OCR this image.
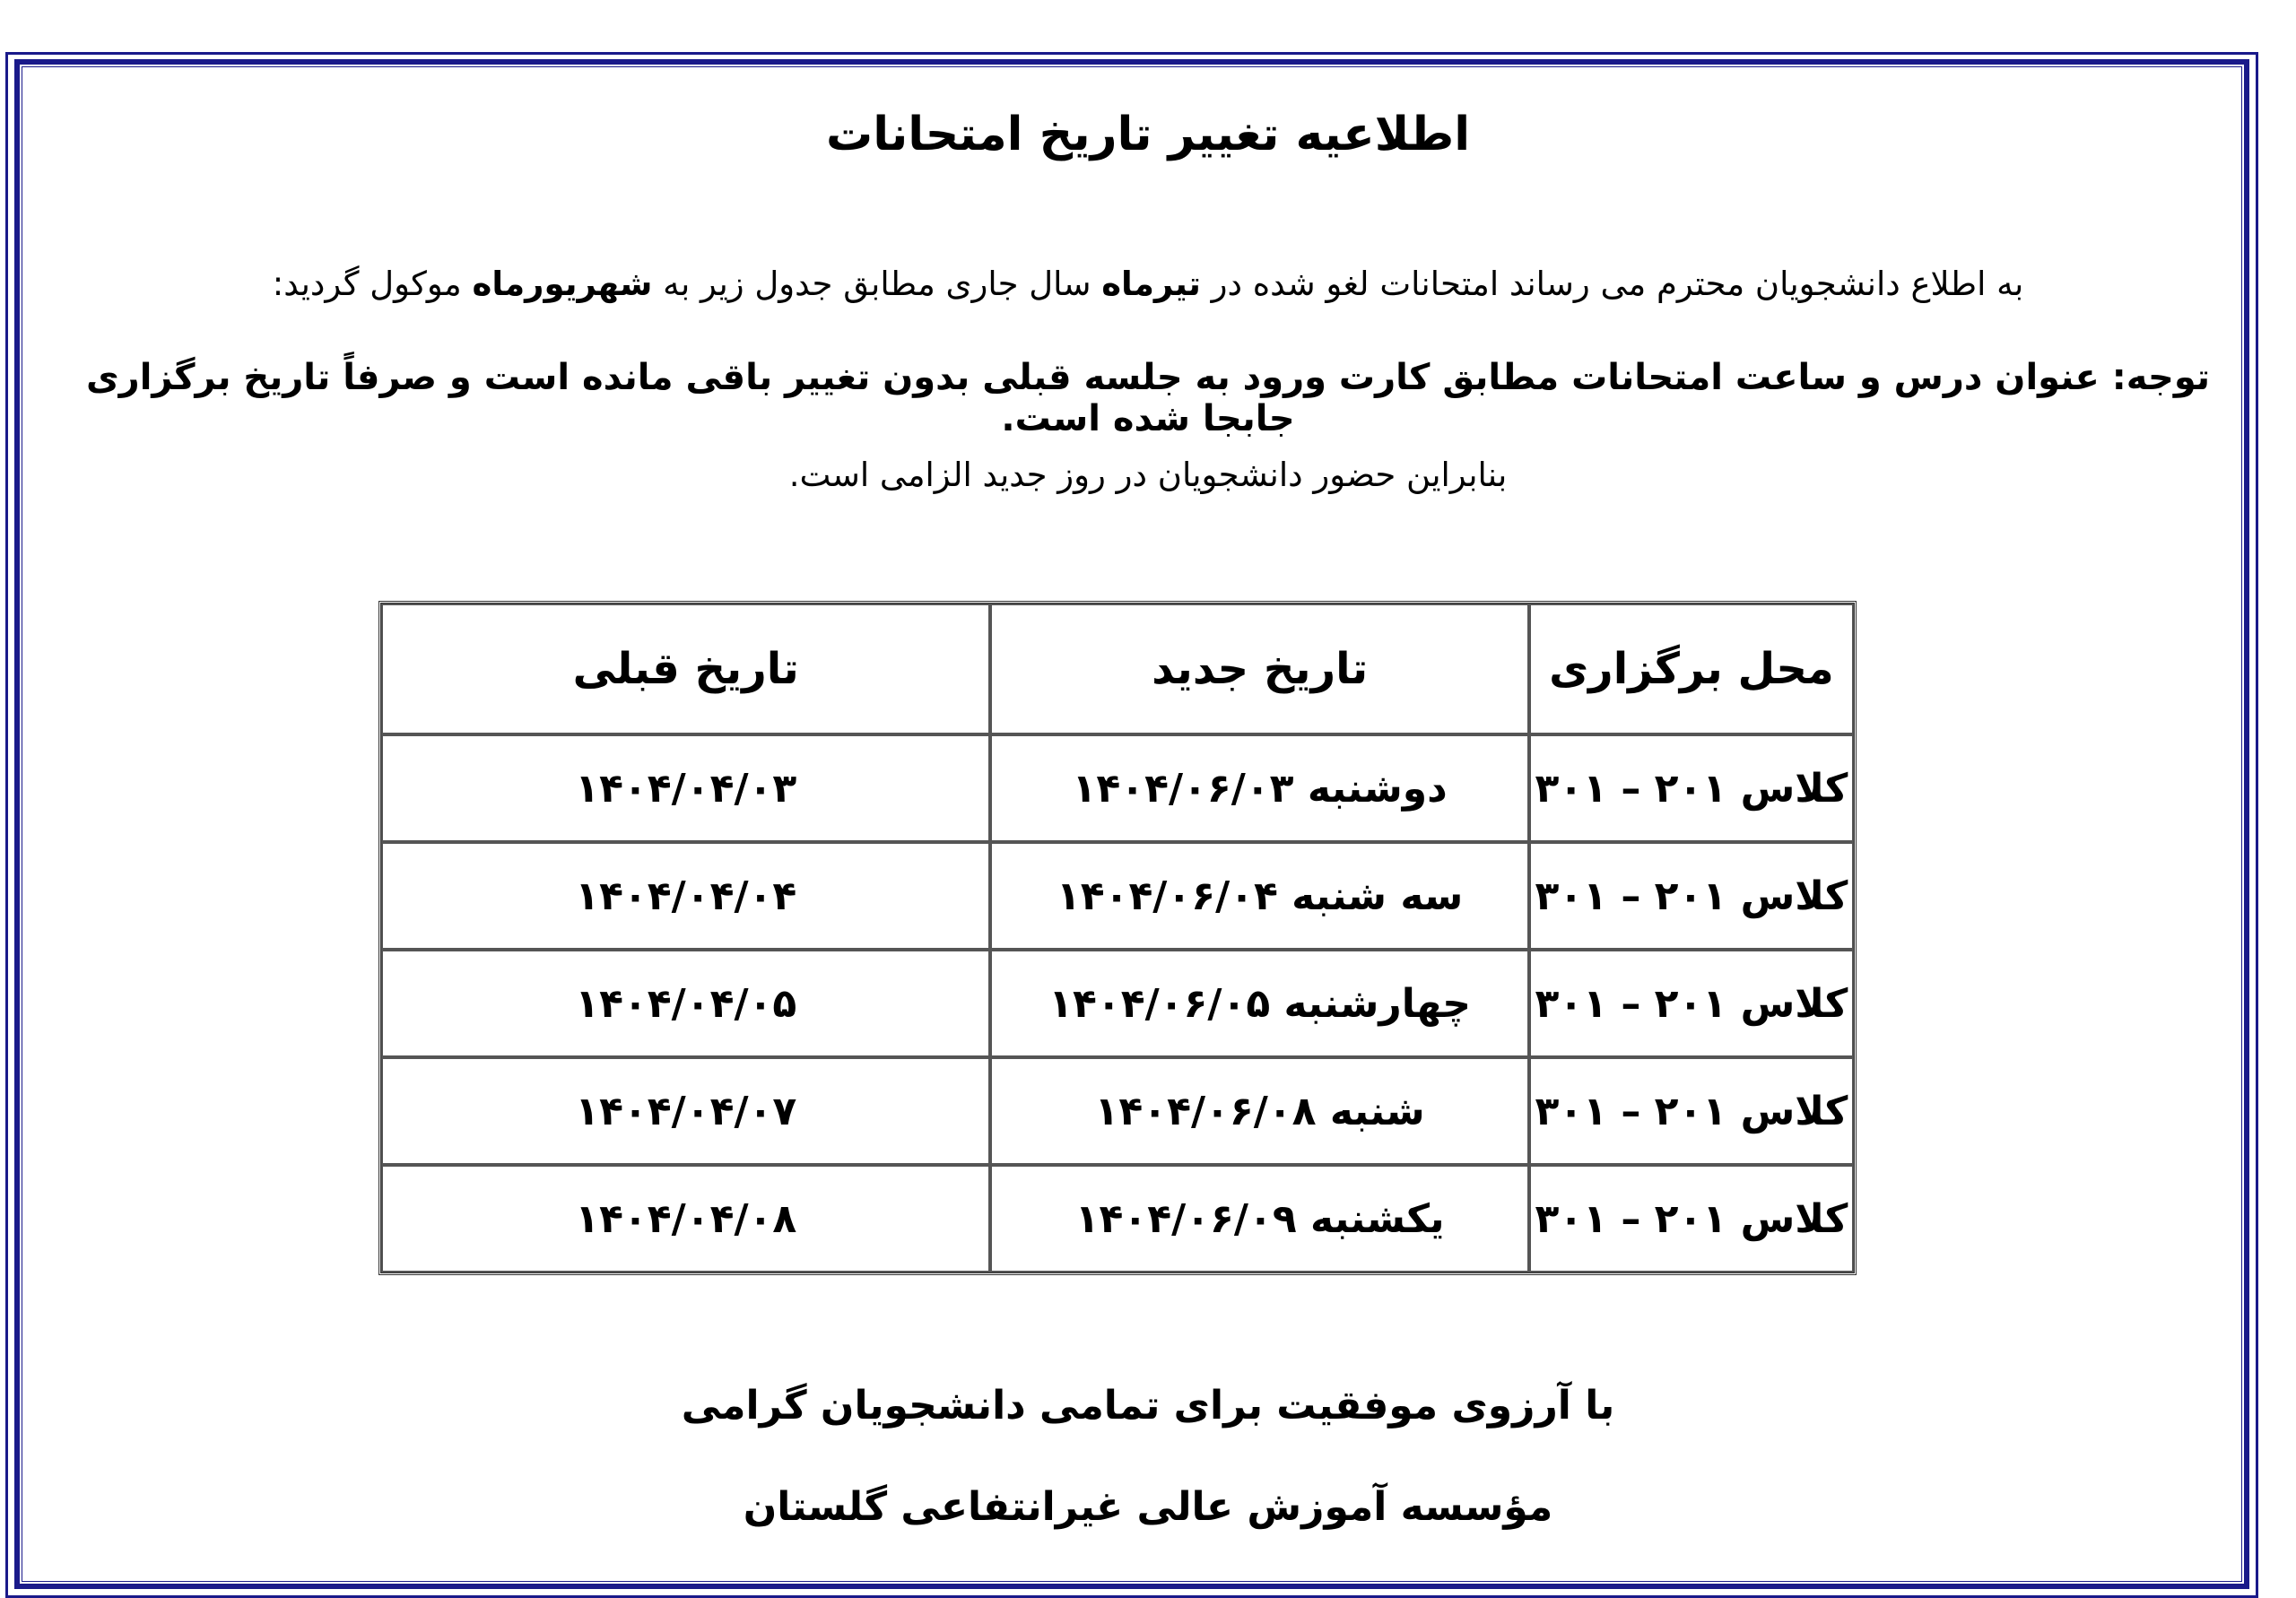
اطلاعیه تغییر تاریخ امتحانات
به اطلاع دانشجویان محترم می رساند امتحانات لغو شده در تیرماه سال جاری مطابق جدول زیر به شهریورماه موکول گردید:
توجه: عنوان درس و ساعت امتحانات مطابق کارت ورود به جلسه قبلی بدون تغییر باقی مانده است و صرفاً تاریخ برگزاری جابجا شده است.
بنابراین حضور دانشجویان در روز جدید الزامی است.
محل برگزاری	تاریخ جدید	تاریخ قبلی
کلاس ۲۰۱ – ۳۰۱	دوشنبه ۱۴۰۴/۰۶/۰۳	۱۴۰۴/۰۴/۰۳
کلاس ۲۰۱ – ۳۰۱	سه شنبه ۱۴۰۴/۰۶/۰۴	۱۴۰۴/۰۴/۰۴
کلاس ۲۰۱ – ۳۰۱	چهارشنبه ۱۴۰۴/۰۶/۰۵	۱۴۰۴/۰۴/۰۵
کلاس ۲۰۱ – ۳۰۱	شنبه ۱۴۰۴/۰۶/۰۸	۱۴۰۴/۰۴/۰۷
کلاس ۲۰۱ – ۳۰۱	یکشنبه ۱۴۰۴/۰۶/۰۹	۱۴۰۴/۰۴/۰۸
با آرزوی موفقیت برای تمامی دانشجویان گرامی
مؤسسه آموزش عالی غیرانتفاعی گلستان
